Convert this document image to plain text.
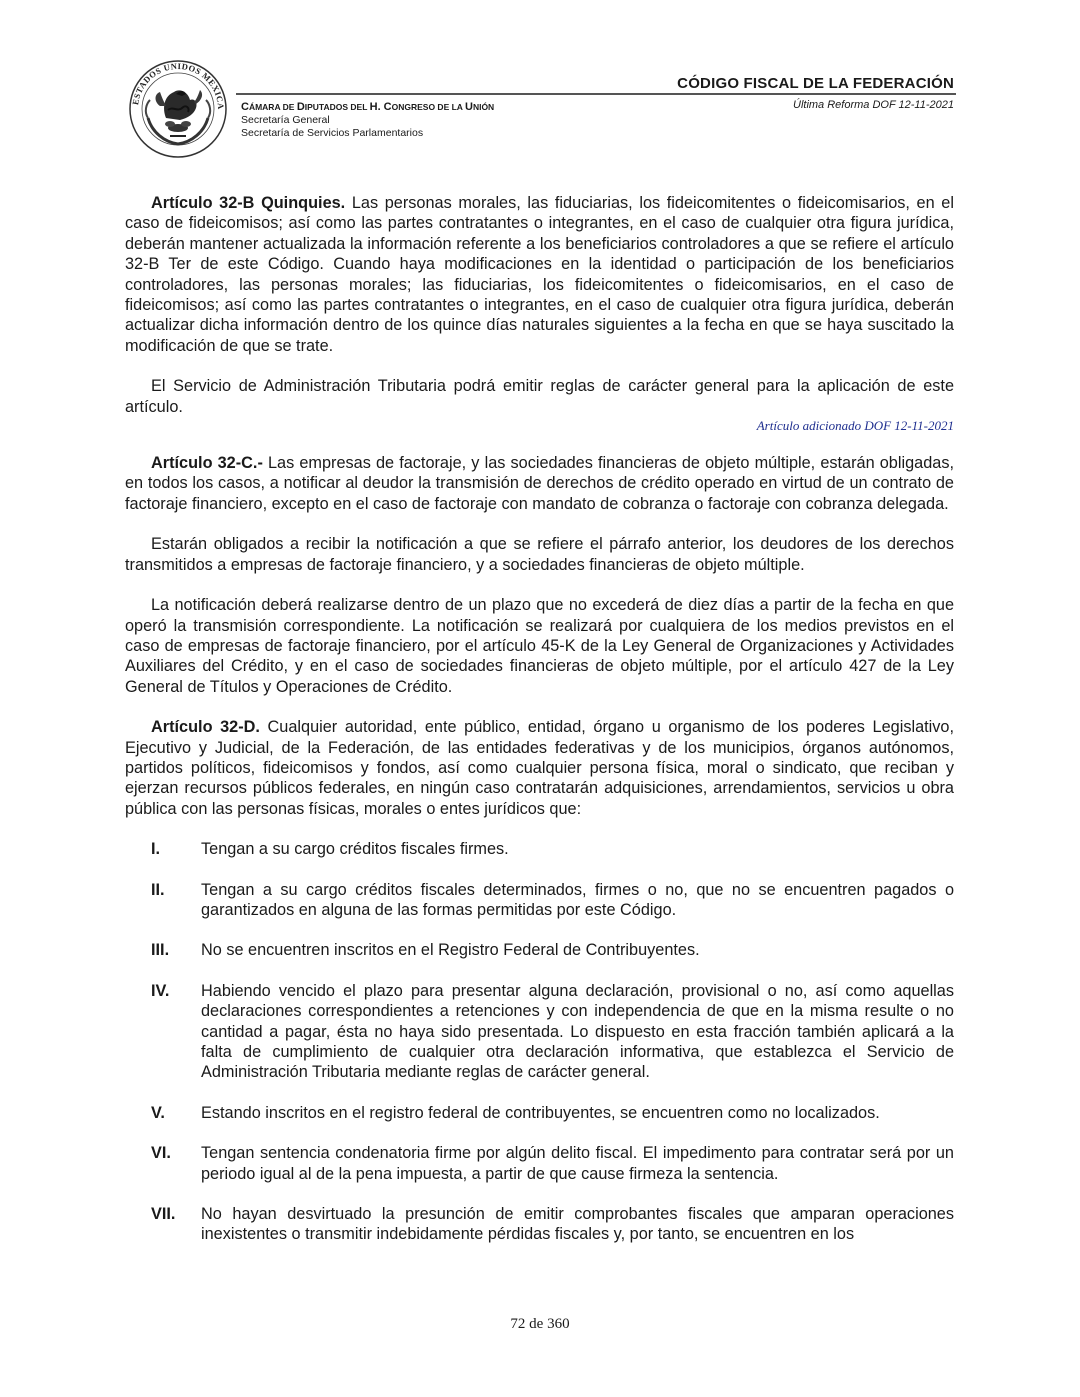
ESTADOS UNIDOS MEXICA
CÓDIGO FISCAL DE LA FEDERACIÓN
Última Reforma DOF 12-11-2021
CÁMARA DE DIPUTADOS DEL H. CONGRESO DE LA UNIÓN
Secretaría General
Secretaría de Servicios Parlamentarios

Artículo 32-B Quinquies. Las personas morales, las fiduciarias, los fideicomitentes o fideicomisarios, en el caso de fideicomisos; así como las partes contratantes o integrantes, en el caso de cualquier otra figura jurídica, deberán mantener actualizada la información referente a los beneficiarios controladores a que se refiere el artículo 32-B Ter de este Código. Cuando haya modificaciones en la identidad o participación de los beneficiarios controladores, las personas morales; las fiduciarias, los fideicomitentes o fideicomisarios, en el caso de fideicomisos; así como las partes contratantes o integrantes, en el caso de cualquier otra figura jurídica, deberán actualizar dicha información dentro de los quince días naturales siguientes a la fecha en que se haya suscitado la modificación de que se trate.

El Servicio de Administración Tributaria podrá emitir reglas de carácter general para la aplicación de este artículo.

Artículo adicionado DOF 12-11-2021

Artículo 32-C.- Las empresas de factoraje, y las sociedades financieras de objeto múltiple, estarán obligadas, en todos los casos, a notificar al deudor la transmisión de derechos de crédito operado en virtud de un contrato de factoraje financiero, excepto en el caso de factoraje con mandato de cobranza o factoraje con cobranza delegada.

Estarán obligados a recibir la notificación a que se refiere el párrafo anterior, los deudores de los derechos transmitidos a empresas de factoraje financiero, y a sociedades financieras de objeto múltiple.

La notificación deberá realizarse dentro de un plazo que no excederá de diez días a partir de la fecha en que operó la transmisión correspondiente. La notificación se realizará por cualquiera de los medios previstos en el caso de empresas de factoraje financiero, por el artículo 45-K de la Ley General de Organizaciones y Actividades Auxiliares del Crédito, y en el caso de sociedades financieras de objeto múltiple, por el artículo 427 de la Ley General de Títulos y Operaciones de Crédito.

Artículo 32-D. Cualquier autoridad, ente público, entidad, órgano u organismo de los poderes Legislativo, Ejecutivo y Judicial, de la Federación, de las entidades federativas y de los municipios, órganos autónomos, partidos políticos, fideicomisos y fondos, así como cualquier persona física, moral o sindicato, que reciban y ejerzan recursos públicos federales, en ningún caso contratarán adquisiciones, arrendamientos, servicios u obra pública con las personas físicas, morales o entes jurídicos que:

I.	Tengan a su cargo créditos fiscales firmes.
II.	Tengan a su cargo créditos fiscales determinados, firmes o no, que no se encuentren pagados o garantizados en alguna de las formas permitidas por este Código.
III.	No se encuentren inscritos en el Registro Federal de Contribuyentes.
IV.	Habiendo vencido el plazo para presentar alguna declaración, provisional o no, así como aquellas declaraciones correspondientes a retenciones y con independencia de que en la misma resulte o no cantidad a pagar, ésta no haya sido presentada. Lo dispuesto en esta fracción también aplicará a la falta de cumplimiento de cualquier otra declaración informativa, que establezca el Servicio de Administración Tributaria mediante reglas de carácter general.
V.	Estando inscritos en el registro federal de contribuyentes, se encuentren como no localizados.
VI.	Tengan sentencia condenatoria firme por algún delito fiscal. El impedimento para contratar será por un periodo igual al de la pena impuesta, a partir de que cause firmeza la sentencia.
VII.	No hayan desvirtuado la presunción de emitir comprobantes fiscales que amparan operaciones inexistentes o transmitir indebidamente pérdidas fiscales y, por tanto, se encuentren en los
72 de 360
